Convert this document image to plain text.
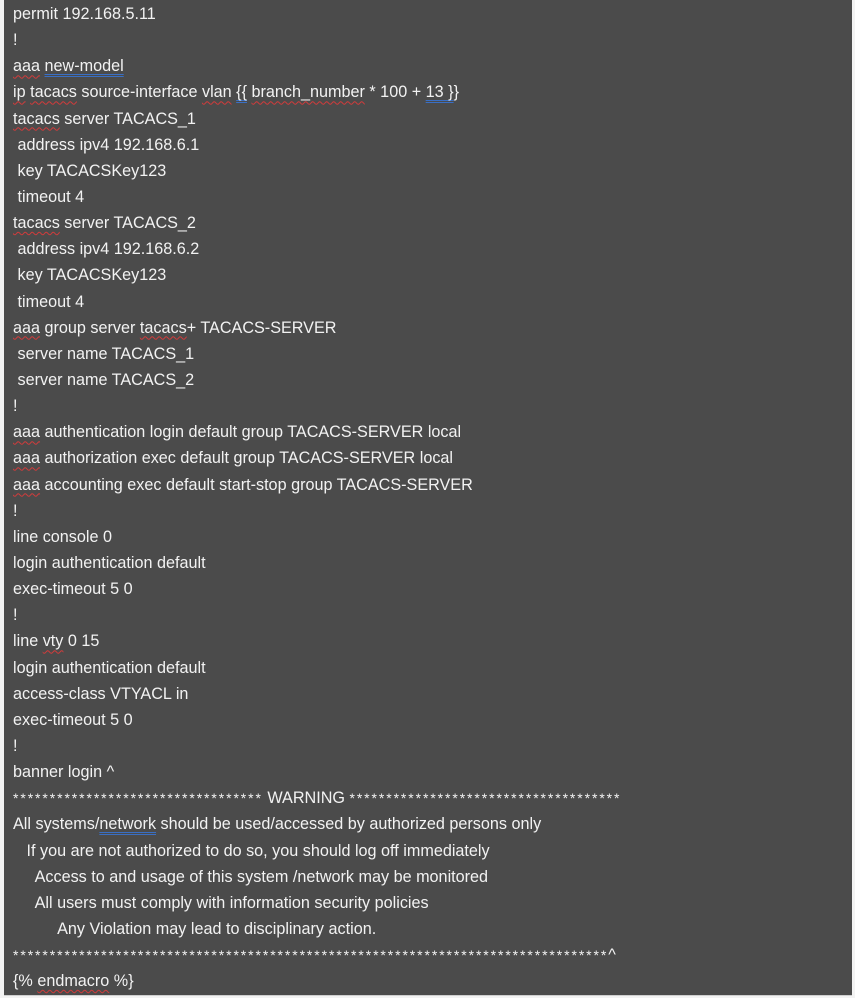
permit 192.168.5.11
!
aaa new-model
ip tacacs source-interface vlan {{ branch_number * 100 + 13 }}
tacacs server TACACS_1
address ipv4 192.168.6.1
key TACACSKey123
timeout 4
tacacs server TACACS_2
address ipv4 192.168.6.2
key TACACSKey123
timeout 4
aaa group server tacacs+ TACACS-SERVER
server name TACACS_1
server name TACACS_2
!
aaa authentication login default group TACACS-SERVER local
aaa authorization exec default group TACACS-SERVER local
aaa accounting exec default start-stop group TACACS-SERVER
!
line console 0
login authentication default
exec-timeout 5 0
!
line vty 0 15
login authentication default
access-class VTYACL in
exec-timeout 5 0
!
banner login ^
********************************** WARNING *************************************
All systems/network should be used/accessed by authorized persons only
If you are not authorized to do so, you should log off immediately
Access to and usage of this system /network may be monitored
All users must comply with information security policies
Any Violation may lead to disciplinary action.
*********************************************************************************^
{% endmacro %}
